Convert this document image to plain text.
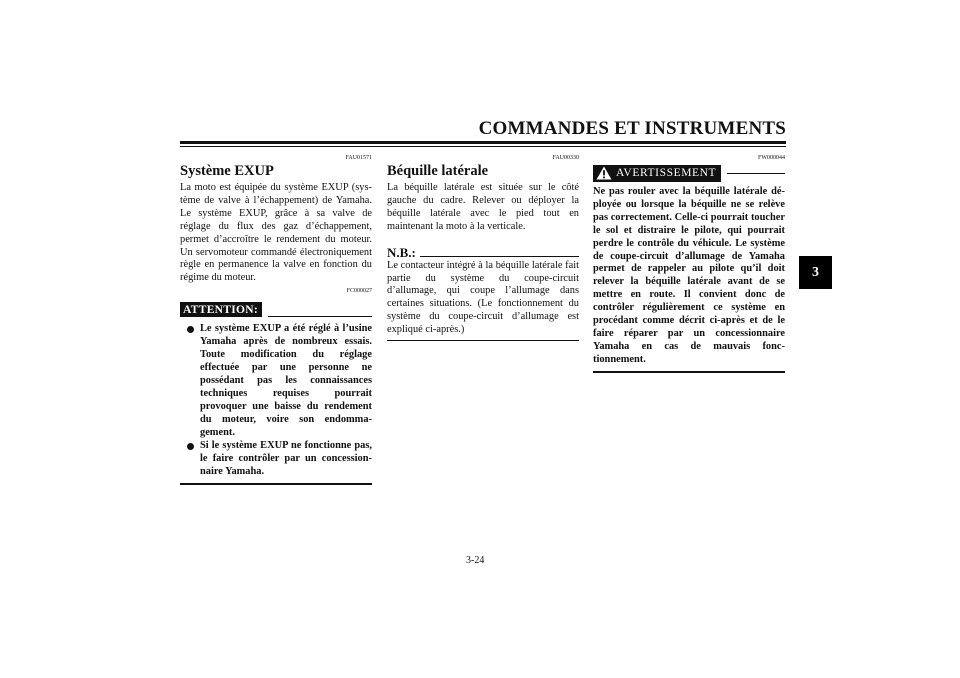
COMMANDES ET INSTRUMENTS
3
FAU01571
Système EXUP

La moto est équipée du système EXUP (système de valve à l’échappement) de Yamaha. Le système EXUP, grâce à sa valve de réglage du flux des gaz d’échappement, permet d’accroître le rendement du moteur. Un servomoteur commandé électroniquement règle en permanence la valve en fonction du régime du moteur.

FC000027
ATTENTION:
Le système EXUP a été réglé à l’usine Yamaha après de nombreux essais. Toute modification du réglage effectuée par une personne ne possédant pas les connaissances techniques requises pourrait provoquer une baisse du rendement du moteur, voire son endommagement.
Si le système EXUP ne fonctionne pas, le faire contrôler par un concessionnaire Yamaha.
FAU00330
Béquille latérale

La béquille latérale est située sur le côté gauche du cadre. Relever ou déployer la béquille latérale avec le pied tout en maintenant la moto à la verticale.

N.B.:

Le contacteur intégré à la béquille latérale fait partie du système du coupe-circuit d’allumage, qui coupe l’allumage dans certaines situations. (Le fonctionnement du système du coupe-circuit d’allumage est expliqué ci-après.)

FW000044
AVERTISSEMENT

Ne pas rouler avec la béquille latérale déployée ou lorsque la béquille ne se relève pas correctement. Celle-ci pourrait toucher le sol et distraire le pilote, qui pourrait perdre le contrôle du véhicule. Le système de coupe-circuit d’allumage de Yamaha permet de rappeler au pilote qu’il doit relever la béquille latérale avant de se mettre en route. Il convient donc de contrôler régulièrement ce système en procédant comme décrit ci-après et de le faire réparer par un concessionnaire Yamaha en cas de mauvais fonctionnement.

3-24
